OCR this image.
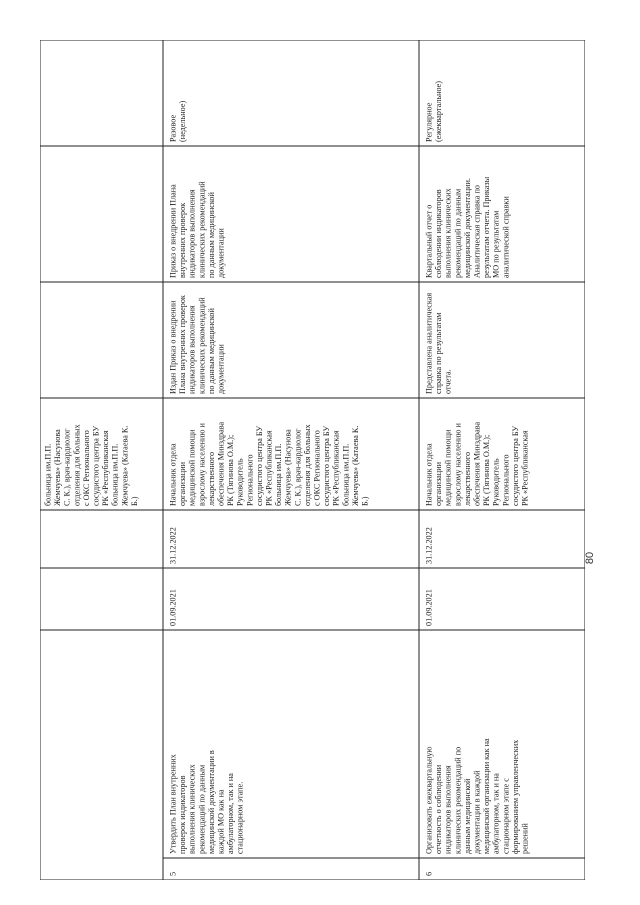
больница им.П.П.Жемчуева» (НасуноваС. К.), врач-кардиологотделения для больныхс ОКС Региональногососудистого центра БУРК «Республиканскаябольница им.П.П.Жемчуева» (Катаева К.Б.)
5
Утвердить План внутреннихпроверок индикатороввыполнения клиническихрекомендаций по данныммедицинской документации вкаждой МО как наамбулаторном, так и настационарном этапе.
01.09.2021
31.12.2022
Начальник отделаорганизациимедицинской помощивзрослому населению илекарственногообеспечения МинздраваРК (Тягинова О.М.);РуководительРегиональногососудистого центра БУРК «Республиканскаябольница им.П.П.Жемчуева» (НасуноваС. К.), врач-кардиологотделения для больныхс ОКС Региональногососудистого центра БУРК «Республиканскаябольница им.П.П.Жемчуева» (Катаева К.Б.)
Издан Приказ о внедренииПлана внутренних проверокиндикаторов выполненияклинических рекомендацийпо данным медицинскойдокументации
Приказ о внедрении Планавнутренних проверокиндикаторов выполненияклинических рекомендацийпо данным медицинскойдокументации
Разовое(недельное)
6
Организовать ежеквартальнуюотчетность о соблюдениииндикаторов выполненияклинических рекомендаций поданным медицинскойдокументации в каждоймедицинской организации как наамбулаторном, так и настационарном этапе сформированием управленческихрешений
01.09.2021
31.12.2022
Начальник отделаорганизациимедицинской помощивзрослому населению илекарственногообеспечения МинздраваРК (Тягинова О.М.);РуководительРегиональногососудистого центра БУРК «Республиканская
Представлена аналитическаясправка по результатамотчета.
Квартальный отчет особлюдении индикатороввыполнения клиническихрекомендаций по данныммедицинской документации.Аналитическая справка порезультатам отчета. ПриказыМО по результатаманалитической справки
Регулярное(ежеквартальное)
80
